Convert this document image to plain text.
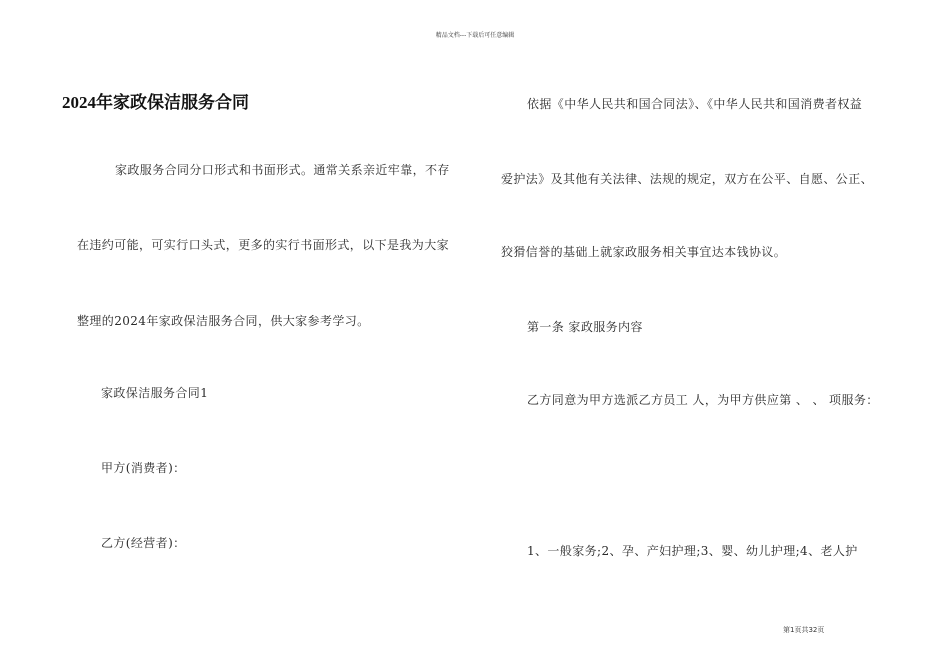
精品文档---下载后可任意编辑
2024年家政保洁服务合同
家政服务合同分口形式和书面形式。通常关系亲近牢靠，不存
在违约可能，可实行口头式，更多的实行书面形式，以下是我为大家
整理的2024年家政保洁服务合同，供大家参考学习。
家政保洁服务合同1
甲方(消费者)：
乙方(经营者)：
依据《中华人民共和国合同法》、《中华人民共和国消费者权益
爱护法》及其他有关法律、法规的规定，双方在公平、自愿、公正、
狡猾信誉的基础上就家政服务相关事宜达本钱协议。
第一条 家政服务内容
乙方同意为甲方选派乙方员工 人，为甲方供应第 、 、 项服务：
1、一般家务;2、孕、产妇护理;3、婴、幼儿护理;4、老人护
第1页共32页
